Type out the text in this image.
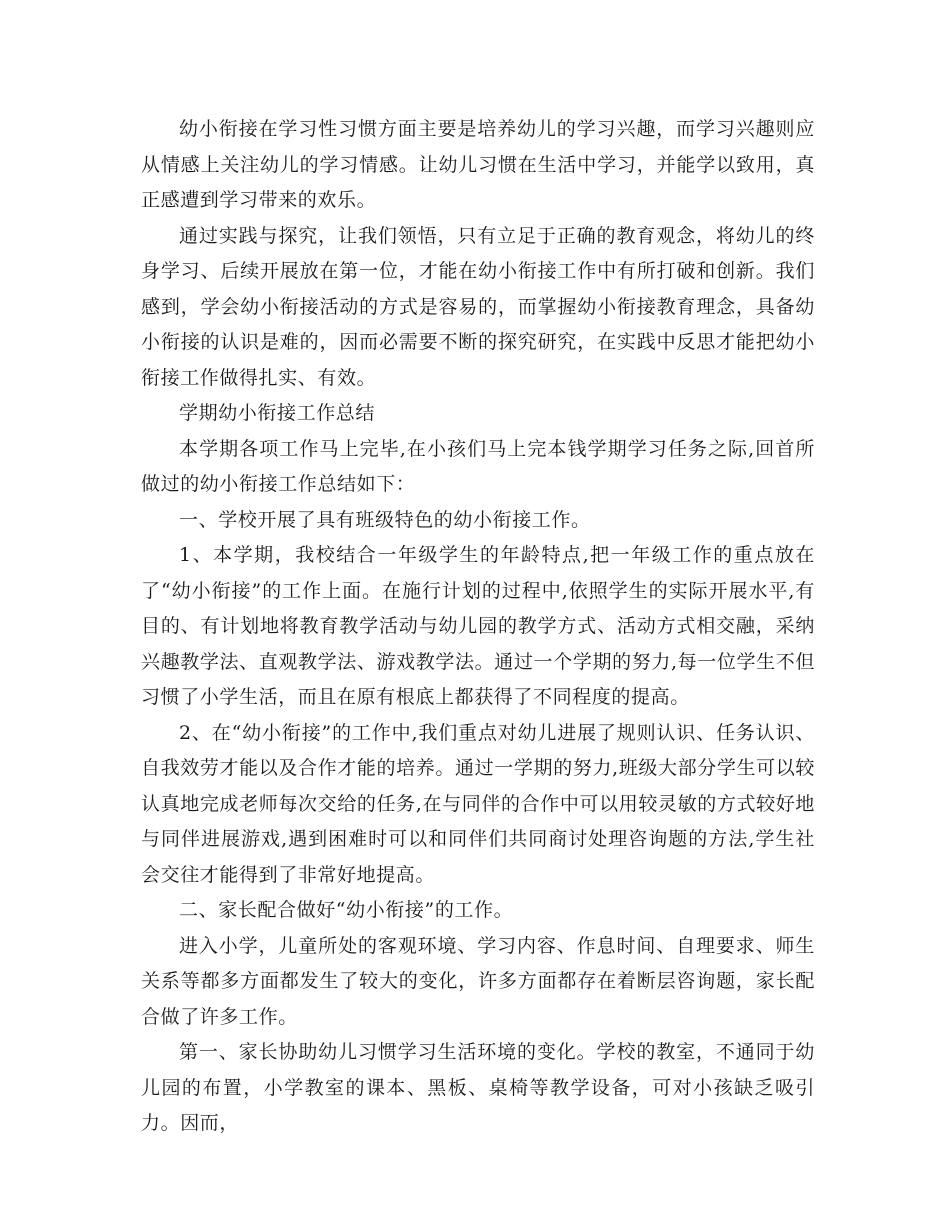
幼小衔接在学习性习惯方面主要是培养幼儿的学习兴趣，而学习兴趣则应从情感上关注幼儿的学习情感。让幼儿习惯在生活中学习，并能学以致用，真正感遭到学习带来的欢乐。

通过实践与探究，让我们领悟，只有立足于正确的教育观念，将幼儿的终身学习、后续开展放在第一位，才能在幼小衔接工作中有所打破和创新。我们感到，学会幼小衔接活动的方式是容易的，而掌握幼小衔接教育理念，具备幼小衔接的认识是难的，因而必需要不断的探究研究，在实践中反思才能把幼小衔接工作做得扎实、有效。

学期幼小衔接工作总结

本学期各项工作马上完毕,在小孩们马上完本钱学期学习任务之际,回首所做过的幼小衔接工作总结如下：

一、学校开展了具有班级特色的幼小衔接工作。

1、本学期，我校结合一年级学生的年龄特点,把一年级工作的重点放在了“幼小衔接”的工作上面。在施行计划的过程中,依照学生的实际开展水平,有目的、有计划地将教育教学活动与幼儿园的教学方式、活动方式相交融，采纳兴趣教学法、直观教学法、游戏教学法。通过一个学期的努力,每一位学生不但习惯了小学生活，而且在原有根底上都获得了不同程度的提高。

2、在“幼小衔接”的工作中,我们重点对幼儿进展了规则认识、任务认识、自我效劳才能以及合作才能的培养。通过一学期的努力,班级大部分学生可以较认真地完成老师每次交给的任务,在与同伴的合作中可以用较灵敏的方式较好地与同伴进展游戏,遇到困难时可以和同伴们共同商讨处理咨询题的方法,学生社会交往才能得到了非常好地提高。

二、家长配合做好“幼小衔接”的工作。

进入小学，儿童所处的客观环境、学习内容、作息时间、自理要求、师生关系等都多方面都发生了较大的变化，许多方面都存在着断层咨询题，家长配合做了许多工作。

第一、家长协助幼儿习惯学习生活环境的变化。学校的教室，不通同于幼儿园的布置，小学教室的课本、黑板、桌椅等教学设备，可对小孩缺乏吸引力。因而，
